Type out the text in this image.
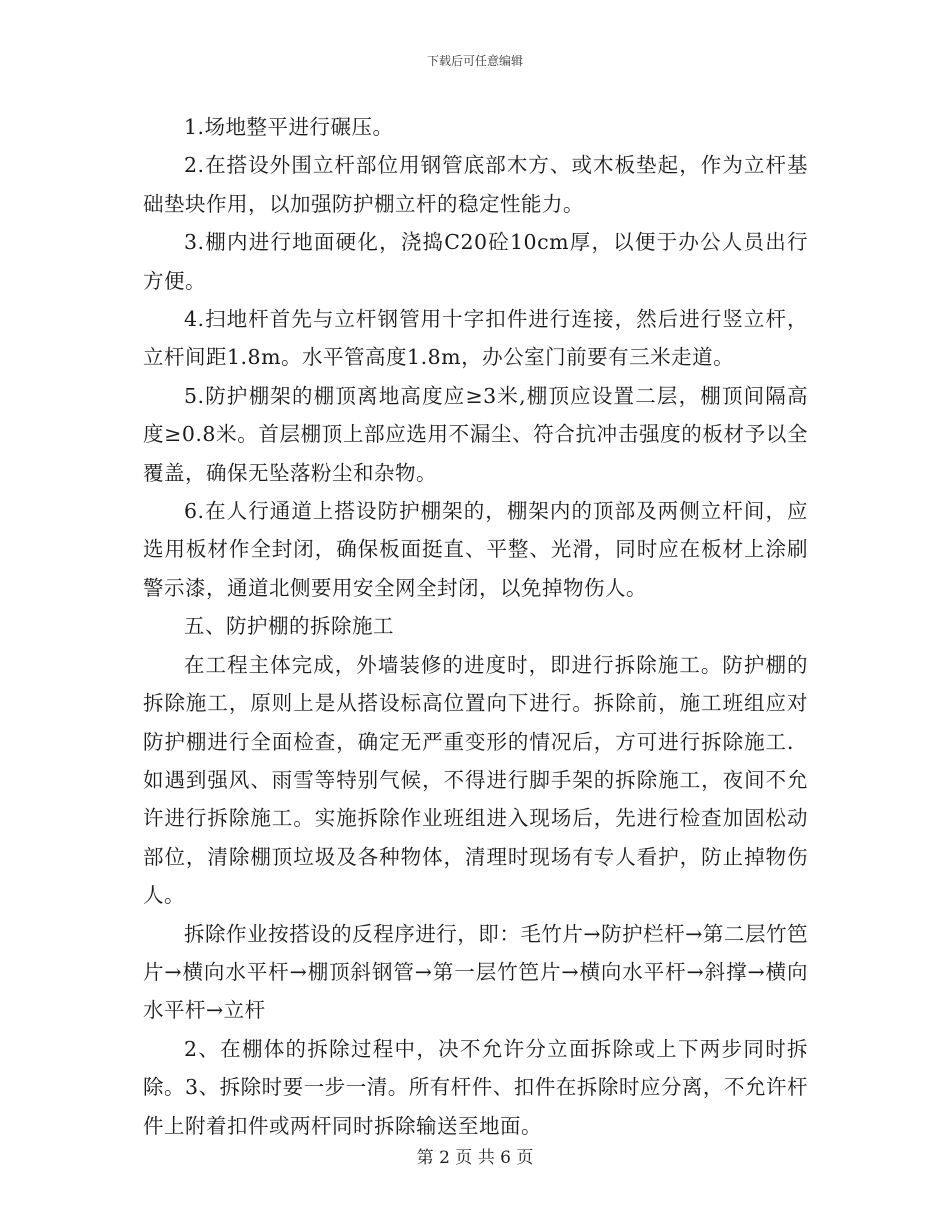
下载后可任意编辑

1.场地整平进行碾压。

2.在搭设外围立杆部位用钢管底部木方、或木板垫起，作为立杆基础垫块作用，以加强防护棚立杆的稳定性能力。

3.棚内进行地面硬化，浇捣C20砼10cm厚，以便于办公人员出行方便。

4.扫地杆首先与立杆钢管用十字扣件进行连接，然后进行竖立杆，立杆间距1.8m。水平管高度1.8m，办公室门前要有三米走道。

5.防护棚架的棚顶离地高度应≥3米,棚顶应设置二层，棚顶间隔高度≥0.8米。首层棚顶上部应选用不漏尘、符合抗冲击强度的板材予以全覆盖，确保无坠落粉尘和杂物。

6.在人行通道上搭设防护棚架的，棚架内的顶部及两侧立杆间，应选用板材作全封闭，确保板面挺直、平整、光滑，同时应在板材上涂刷警示漆，通道北侧要用安全网全封闭，以免掉物伤人。

五、防护棚的拆除施工

在工程主体完成，外墙装修的进度时，即进行拆除施工。防护棚的拆除施工，原则上是从搭设标高位置向下进行。拆除前，施工班组应对防护棚进行全面检查，确定无严重变形的情况后，方可进行拆除施工．如遇到强风、雨雪等特别气候，不得进行脚手架的拆除施工，夜间不允许进行拆除施工。实施拆除作业班组进入现场后，先进行检查加固松动部位，清除棚顶垃圾及各种物体，清理时现场有专人看护，防止掉物伤人。

拆除作业按搭设的反程序进行，即：毛竹片→防护栏杆→第二层竹笆片→横向水平杆→棚顶斜钢管→第一层竹笆片→横向水平杆→斜撑→横向水平杆→立杆

2、在棚体的拆除过程中，决不允许分立面拆除或上下两步同时拆除。3、拆除时要一步一清。所有杆件、扣件在拆除时应分离，不允许杆件上附着扣件或两杆同时拆除输送至地面。

第 2 页 共 6 页
